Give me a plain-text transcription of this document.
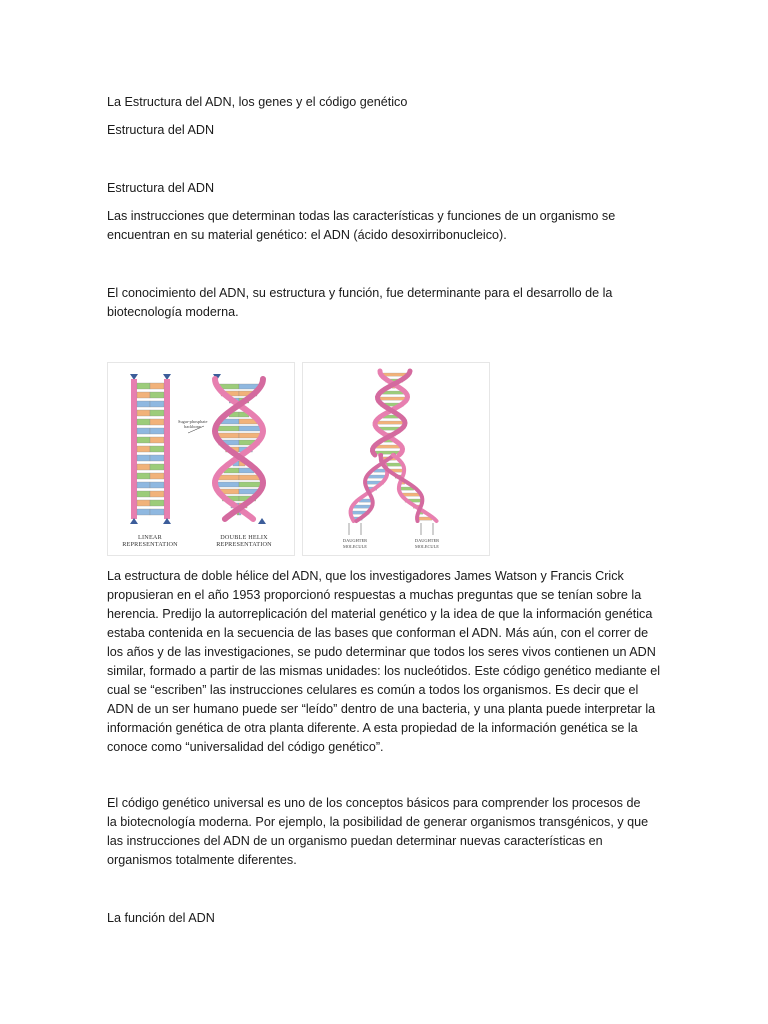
La Estructura del ADN, los genes y el código genético

Estructura del ADN

Estructura del ADN

Las instrucciones que determinan todas las características y funciones de un organismo se encuentran en su material genético: el ADN (ácido desoxirribonucleico).

El conocimiento del ADN, su estructura y función, fue determinante para el desarrollo de la biotecnología moderna.

Sugar-phosphate
backbone
LINEAR
REPRESENTATION
DOUBLE HELIX
REPRESENTATION
DAUGHTER
MOLECULE
DAUGHTER
MOLECULE

La estructura de doble hélice del ADN, que los investigadores James Watson y Francis Crick propusieran en el año 1953 proporcionó respuestas a muchas preguntas que se tenían sobre la herencia. Predijo la autorreplicación del material genético y la idea de que la información genética estaba contenida en la secuencia de las bases que conforman el ADN. Más aún, con el correr de los años y de las investigaciones, se pudo determinar que todos los seres vivos contienen un ADN similar, formado a partir de las mismas unidades: los nucleótidos. Este código genético mediante el cual se “escriben” las instrucciones celulares es común a todos los organismos. Es decir que el ADN de un ser humano puede ser “leído” dentro de una bacteria, y una planta puede interpretar la información genética de otra planta diferente. A esta propiedad de la información genética se la conoce como “universalidad del código genético”.

El código genético universal es uno de los conceptos básicos para comprender los procesos de la biotecnología moderna. Por ejemplo, la posibilidad de generar organismos transgénicos, y que las instrucciones del ADN de un organismo puedan determinar nuevas características en organismos totalmente diferentes.

La función del ADN
